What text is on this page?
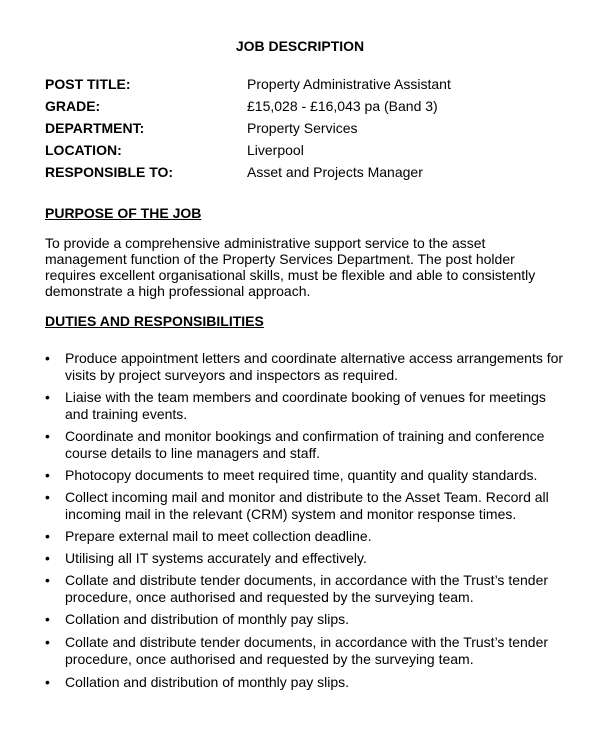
JOB DESCRIPTION
POST TITLE:	Property Administrative Assistant
GRADE:	£15,028 - £16,043 pa (Band 3)
DEPARTMENT:	Property Services
LOCATION:	Liverpool
RESPONSIBLE TO:	Asset and Projects Manager
PURPOSE OF THE JOB
To provide a comprehensive administrative support service to the asset management function of the Property Services Department. The post holder requires excellent organisational skills, must be flexible and able to consistently demonstrate a high professional approach.
DUTIES AND RESPONSIBILITIES
•	Produce appointment letters and coordinate alternative access arrangements for visits by project surveyors and inspectors as required.
•	Liaise with the team members and coordinate booking of venues for meetings and training events.
•	Coordinate and monitor bookings and confirmation of training and conference course details to line managers and staff.
•	Photocopy documents to meet required time, quantity and quality standards.
•	Collect incoming mail and monitor and distribute to the Asset Team. Record all incoming mail in the relevant (CRM) system and monitor response times.
•	Prepare external mail to meet collection deadline.
•	Utilising all IT systems accurately and effectively.
•	Collate and distribute tender documents, in accordance with the Trust’s tender procedure, once authorised and requested by the surveying team.
•	Collation and distribution of monthly pay slips.
•	Collate and distribute tender documents, in accordance with the Trust’s tender procedure, once authorised and requested by the surveying team.
•	Collation and distribution of monthly pay slips.
